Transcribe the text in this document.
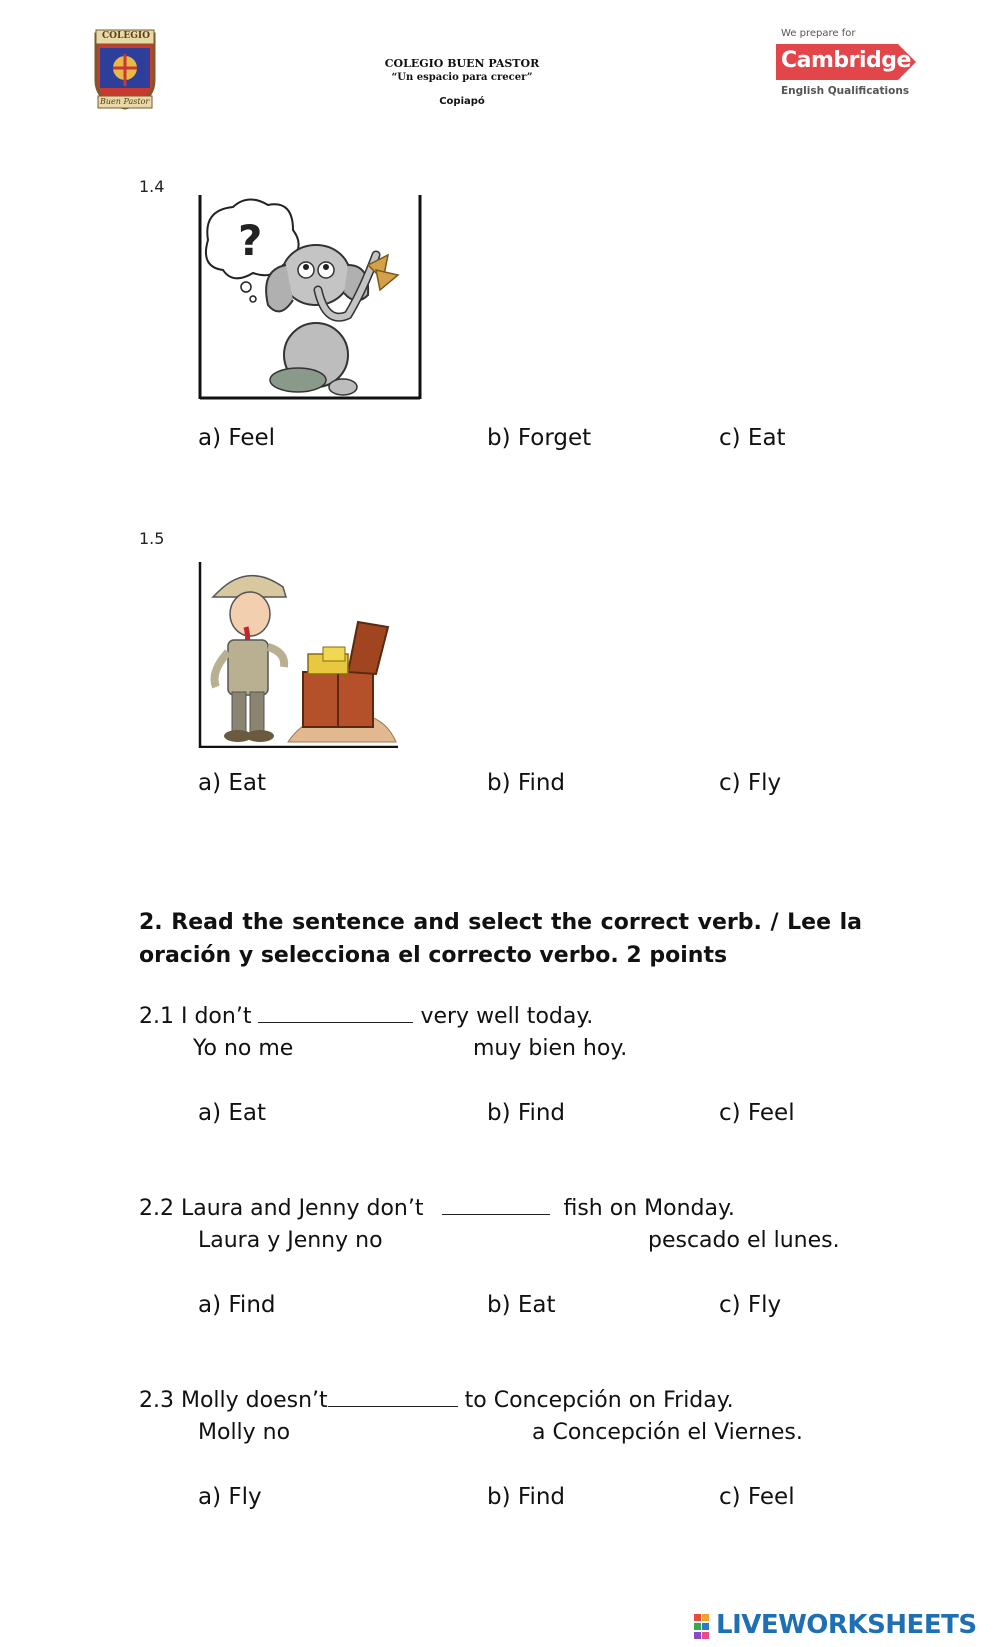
COLEGIO
Buen Pastor
COLEGIO BUEN PASTOR
“Un espacio para crecer”
Copiapó
We prepare for
Cambridge
English Qualifications
1.4
?
a) Feel	b) Forget	c) Eat
1.5
a) Eat	b) Find	c) Fly
2. Read the sentence and select the correct verb. / Lee la
oración y selecciona el correcto verbo. 2 points
2.1 I don’t	very well today.
Yo no me	muy bien hoy.
a) Eat	b) Find	c) Feel
2.2 Laura and Jenny don’t	fish on Monday.
Laura y Jenny no	pescado el lunes.
a) Find	b) Eat	c) Fly
2.3 Molly doesn’t	to Concepción on Friday.
Molly no	a Concepción el Viernes.
a) Fly	b) Find	c) Feel
LIVEWORKSHEETS
